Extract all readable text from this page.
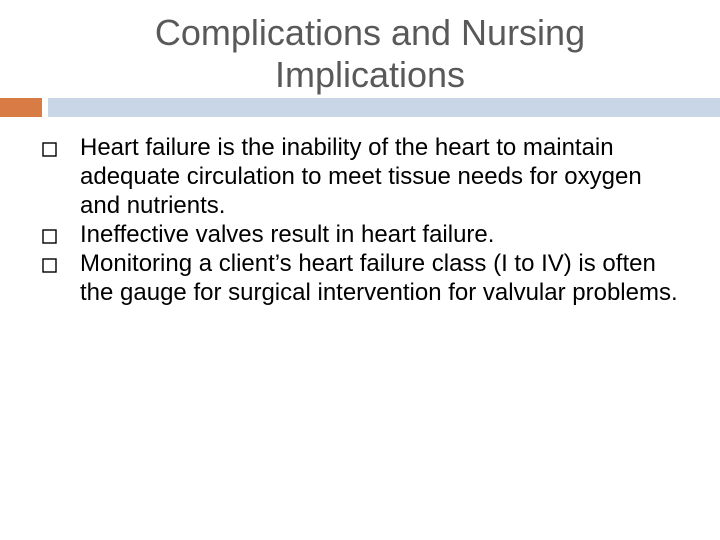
Complications and Nursing
Implications
Heart failure is the inability of the heart to maintain adequate circulation to meet tissue needs for oxygen and nutrients.
Ineffective valves result in heart failure.
Monitoring a client’s heart failure class (I to IV) is often the gauge for surgical intervention for valvular problems.
